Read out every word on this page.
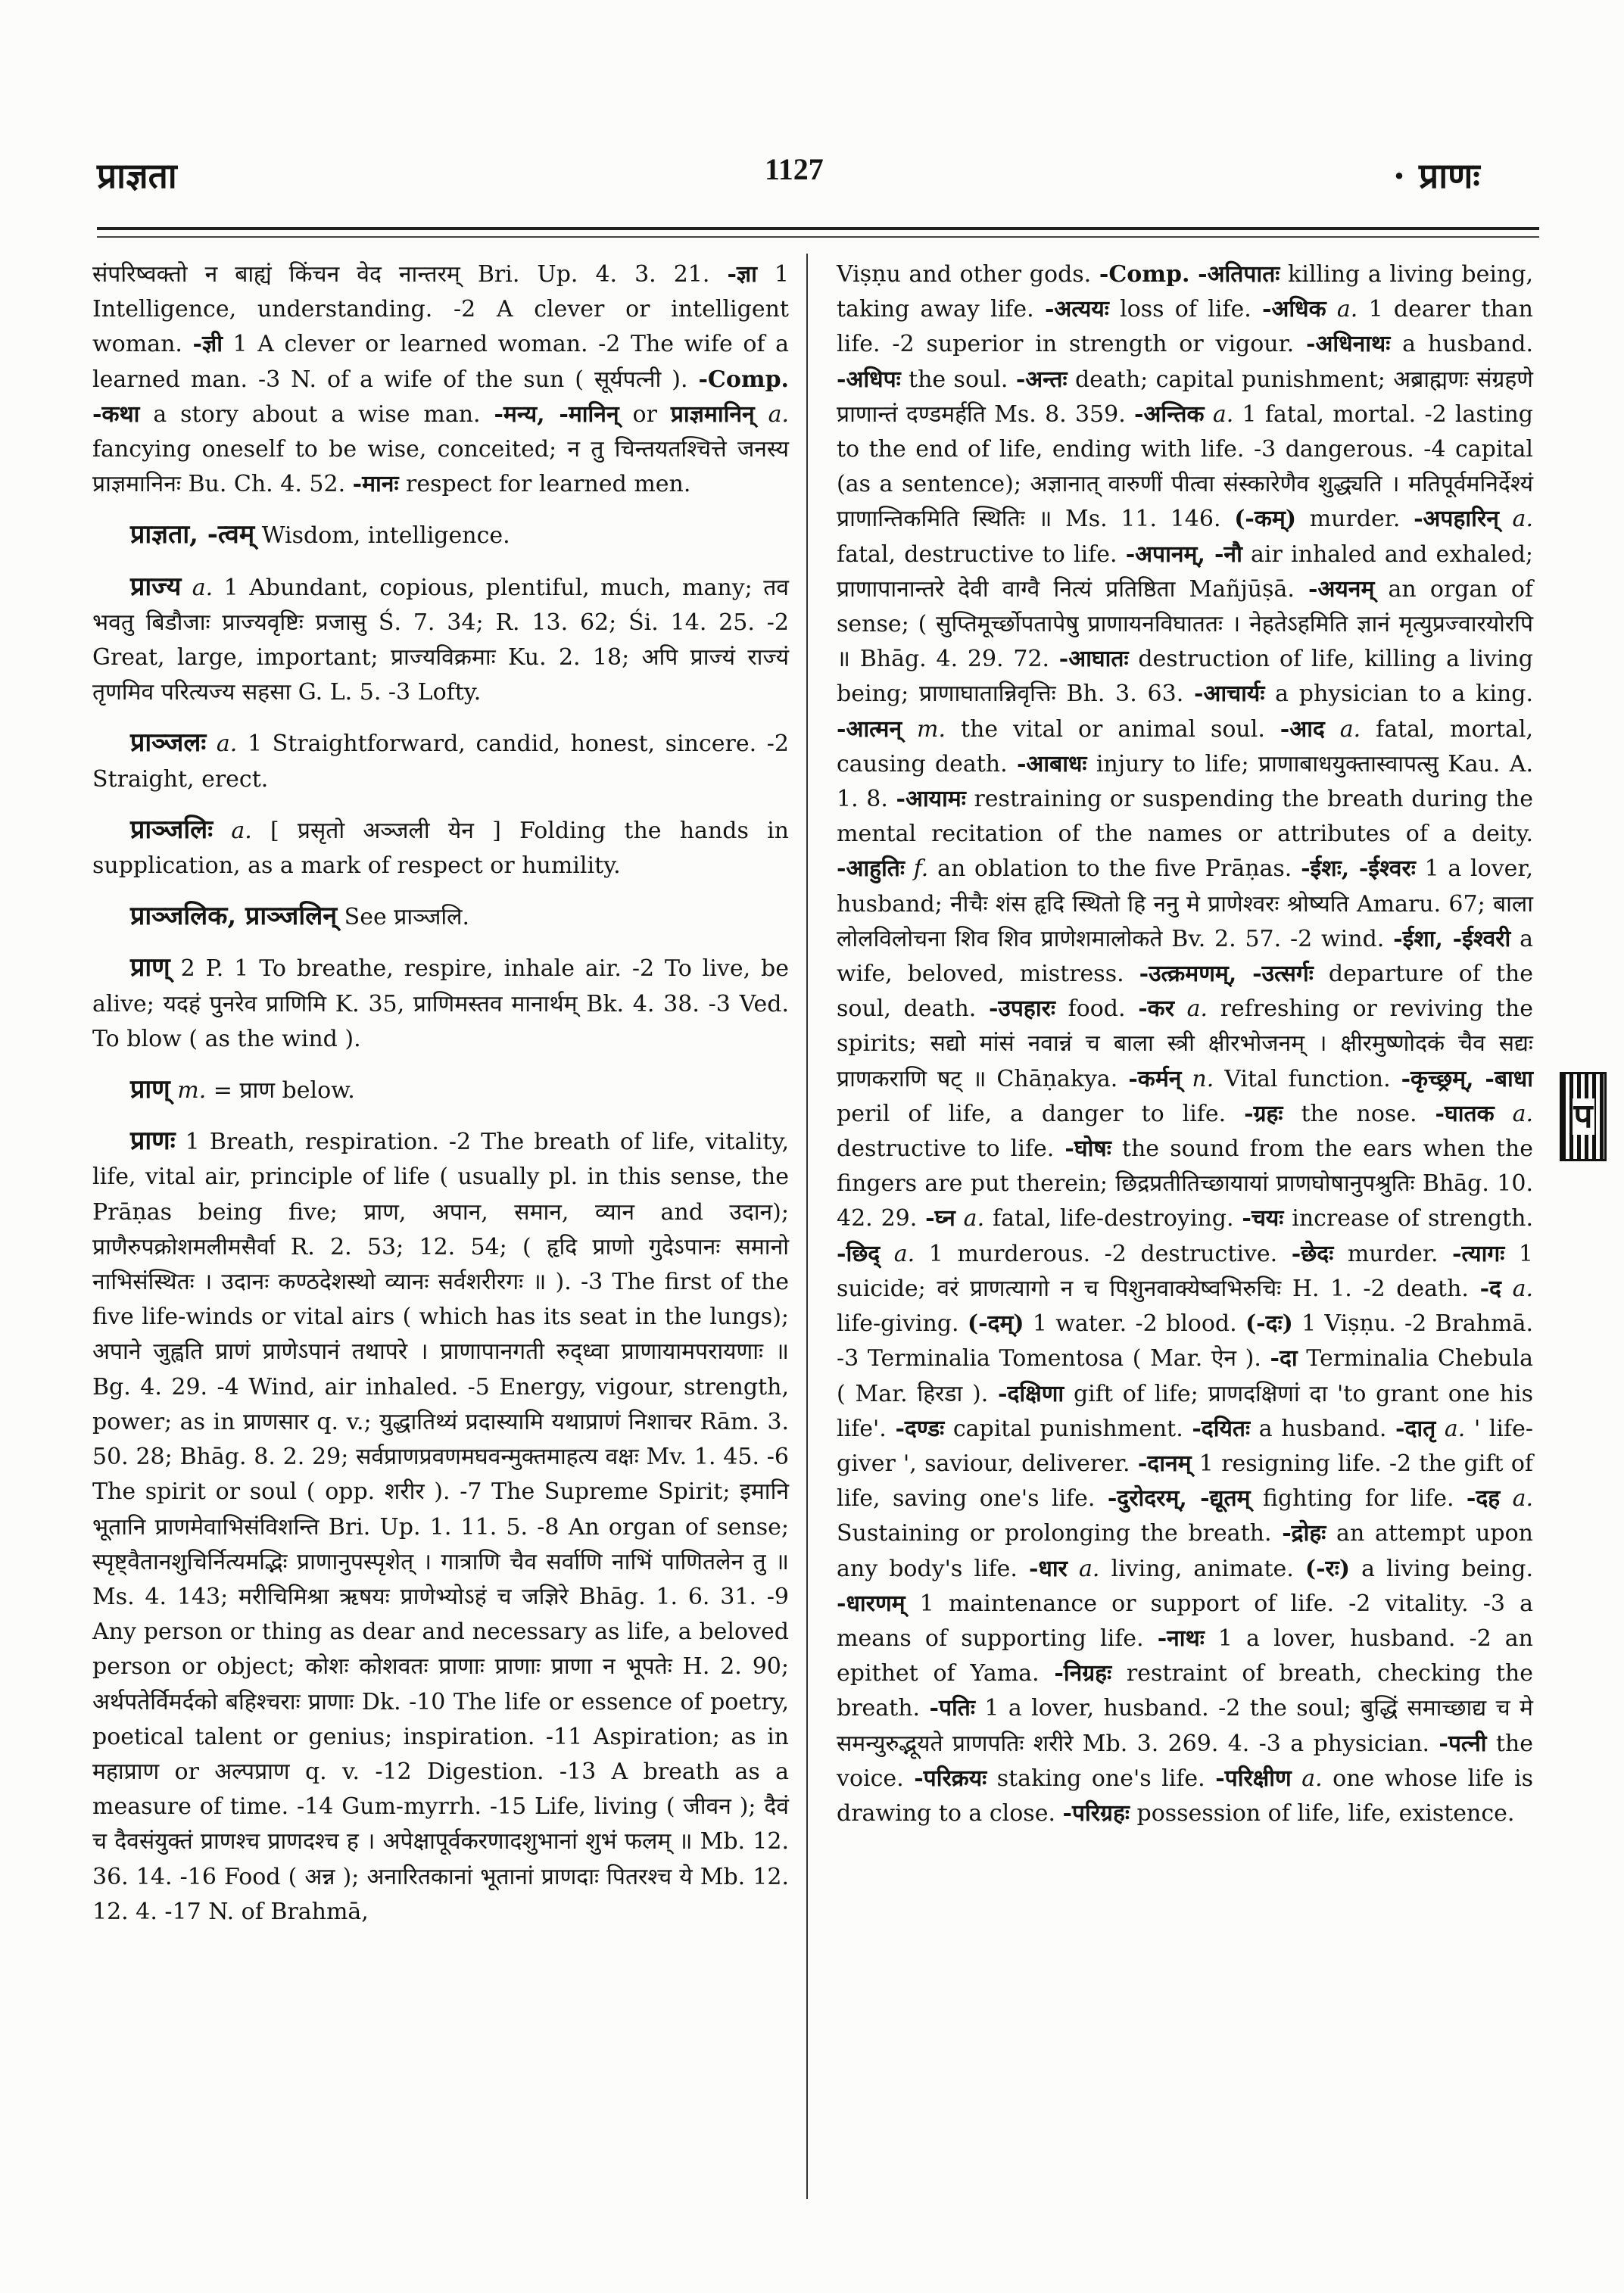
प्राज्ञता	1127	· प्राणः

संपरिष्वक्तो न बाह्यं किंचन वेद नान्तरम् Bri. Up. 4. 3. 21. -ज्ञा 1 Intelligence, understanding. -2 A clever or intelligent woman. -ज्ञी 1 A clever or learned woman. -2 The wife of a learned man. -3 N. of a wife of the sun ( सूर्यपत्नी ). -Comp. -कथा a story about a wise man. -मन्य, -मानिन् or प्राज्ञमानिन् a. fancying oneself to be wise, conceited; न तु चिन्तयतश्चित्ते जनस्य प्राज्ञमानिनः Bu. Ch. 4. 52. -मानः respect for learned men.

प्राज्ञता, -त्वम् Wisdom, intelligence.

प्राज्य a. 1 Abundant, copious, plentiful, much, many; तव भवतु बिडौजाः प्राज्यवृष्टिः प्रजासु Ś. 7. 34; R. 13. 62; Śi. 14. 25. -2 Great, large, important; प्राज्यविक्रमाः Ku. 2. 18; अपि प्राज्यं राज्यं तृणमिव परित्यज्य सहसा G. L. 5. -3 Lofty.

प्राञ्जलः a. 1 Straightforward, candid, honest, sincere. -2 Straight, erect.

प्राञ्जलिः a. [ प्रसृतो अञ्जली येन ] Folding the hands in supplication, as a mark of respect or humility.

प्राञ्जलिक, प्राञ्जलिन् See प्राञ्जलि.

प्राण् 2 P. 1 To breathe, respire, inhale air. -2 To live, be alive; यदहं पुनरेव प्राणिमि K. 35, प्राणिमस्तव मानार्थम् Bk. 4. 38. -3 Ved. To blow ( as the wind ).

प्राण् m. = प्राण below.

प्राणः 1 Breath, respiration. -2 The breath of life, vitality, life, vital air, principle of life ( usually pl. in this sense, the Prāṇas being five; प्राण, अपान, समान, व्यान and उदान); प्राणैरुपक्रोशमलीमसैर्वा R. 2. 53; 12. 54; ( हृदि प्राणो गुदेऽपानः समानो नाभिसंस्थितः । उदानः कण्ठदेशस्थो व्यानः सर्वशरीरगः ॥ ). -3 The first of the five life-winds or vital airs ( which has its seat in the lungs); अपाने जुह्वति प्राणं प्राणेऽपानं तथापरे । प्राणापानगती रुद्ध्वा प्राणायामपरायणाः ॥ Bg. 4. 29. -4 Wind, air inhaled. -5 Energy, vigour, strength, power; as in प्राणसार q. v.; युद्धातिथ्यं प्रदास्यामि यथाप्राणं निशाचर Rām. 3. 50. 28; Bhāg. 8. 2. 29; सर्वप्राणप्रवणमघवन्मुक्तमाहत्य वक्षः Mv. 1. 45. -6 The spirit or soul ( opp. शरीर ). -7 The Supreme Spirit; इमानि भूतानि प्राणमेवाभिसंविशन्ति Bri. Up. 1. 11. 5. -8 An organ of sense; स्पृष्ट्वैतानशुचिर्नित्यमद्भिः प्राणानुपस्पृशेत् । गात्राणि चैव सर्वाणि नाभिं पाणितलेन तु ॥ Ms. 4. 143; मरीचिमिश्रा ऋषयः प्राणेभ्योऽहं च जज्ञिरे Bhāg. 1. 6. 31. -9 Any person or thing as dear and necessary as life, a beloved person or object; कोशः कोशवतः प्राणाः प्राणाः प्राणा न भूपतेः H. 2. 90; अर्थपतेर्विमर्दको बहिश्चराः प्राणाः Dk. -10 The life or essence of poetry, poetical talent or genius; inspiration. -11 Aspiration; as in महाप्राण or अल्पप्राण q. v. -12 Digestion. -13 A breath as a measure of time. -14 Gum-myrrh. -15 Life, living ( जीवन ); दैवं च दैवसंयुक्तं प्राणश्च प्राणदश्च ह । अपेक्षापूर्वकरणादशुभानां शुभं फलम् ॥ Mb. 12. 36. 14. -16 Food ( अन्न ); अनारितकानां भूतानां प्राणदाः पितरश्च ये Mb. 12. 12. 4. -17 N. of Brahmā,

Viṣṇu and other gods. -Comp. -अतिपातः killing a living being, taking away life. -अत्ययः loss of life. -अधिक a. 1 dearer than life. -2 superior in strength or vigour. -अधिनाथः a husband. -अधिपः the soul. -अन्तः death; capital punishment; अब्राह्मणः संग्रहणे प्राणान्तं दण्डमर्हति Ms. 8. 359. -अन्तिक a. 1 fatal, mortal. -2 lasting to the end of life, ending with life. -3 dangerous. -4 capital (as a sentence); अज्ञानात् वारुणीं पीत्वा संस्कारेणैव शुद्ध्यति । मतिपूर्वमनिर्देश्यं प्राणान्तिकमिति स्थितिः ॥ Ms. 11. 146. (-कम्) murder. -अपहारिन् a. fatal, destructive to life. -अपानम्, -नौ air inhaled and exhaled; प्राणापानान्तरे देवी वाग्वै नित्यं प्रतिष्ठिता Mañjūṣā. -अयनम् an organ of sense; ( सुप्तिमूर्च्छोपतापेषु प्राणायनविघाततः । नेहतेऽहमिति ज्ञानं मृत्युप्रज्वारयोरपि ॥ Bhāg. 4. 29. 72. -आघातः destruction of life, killing a living being; प्राणाघातान्निवृत्तिः Bh. 3. 63. -आचार्यः a physician to a king. -आत्मन् m. the vital or animal soul. -आद a. fatal, mortal, causing death. -आबाधः injury to life; प्राणाबाधयुक्तास्वापत्सु Kau. A. 1. 8. -आयामः restraining or suspending the breath during the mental recitation of the names or attributes of a deity. -आहुतिः f. an oblation to the five Prāṇas. -ईशः, -ईश्वरः 1 a lover, husband; नीचैः शंस हृदि स्थितो हि ननु मे प्राणेश्वरः श्रोष्यति Amaru. 67; बाला लोलविलोचना शिव शिव प्राणेशमालोकते Bv. 2. 57. -2 wind. -ईशा, -ईश्वरी a wife, beloved, mistress. -उत्क्रमणम्, -उत्सर्गः departure of the soul, death. -उपहारः food. -कर a. refreshing or reviving the spirits; सद्यो मांसं नवान्नं च बाला स्त्री क्षीरभोजनम् । क्षीरमुष्णोदकं चैव सद्यः प्राणकराणि षट् ॥ Chāṇakya. -कर्मन् n. Vital function. -कृच्छ्रम्, -बाधा peril of life, a danger to life. -ग्रहः the nose. -घातक a. destructive to life. -घोषः the sound from the ears when the fingers are put therein; छिद्रप्रतीतिच्छायायां प्राणघोषानुपश्रुतिः Bhāg. 10. 42. 29. -घ्न a. fatal, life-destroying. -चयः increase of strength. -छिद् a. 1 murderous. -2 destructive. -छेदः murder. -त्यागः 1 suicide; वरं प्राणत्यागो न च पिशुनवाक्येष्वभिरुचिः H. 1. -2 death. -द a. life-giving. (-दम्) 1 water. -2 blood. (-दः) 1 Viṣṇu. -2 Brahmā. -3 Terminalia Tomentosa ( Mar. ऐन ). -दा Terminalia Chebula ( Mar. हिरडा ). -दक्षिणा gift of life; प्राणदक्षिणां दा 'to grant one his life'. -दण्डः capital punishment. -दयितः a husband. -दातृ a. ' life-giver ', saviour, deliverer. -दानम् 1 resigning life. -2 the gift of life, saving one's life. -दुरोदरम्, -द्यूतम् fighting for life. -दह a. Sustaining or prolonging the breath. -द्रोहः an attempt upon any body's life. -धार a. living, animate. (-रः) a living being. -धारणम् 1 maintenance or support of life. -2 vitality. -3 a means of supporting life. -नाथः 1 a lover, husband. -2 an epithet of Yama. -निग्रहः restraint of breath, checking the breath. -पतिः 1 a lover, husband. -2 the soul; बुद्धिं समाच्छाद्य च मे समन्युरुद्भूयते प्राणपतिः शरीरे Mb. 3. 269. 4. -3 a physician. -पत्नी the voice. -परिक्रयः staking one's life. -परिक्षीण a. one whose life is drawing to a close. -परिग्रहः possession of life, life, existence.

प
